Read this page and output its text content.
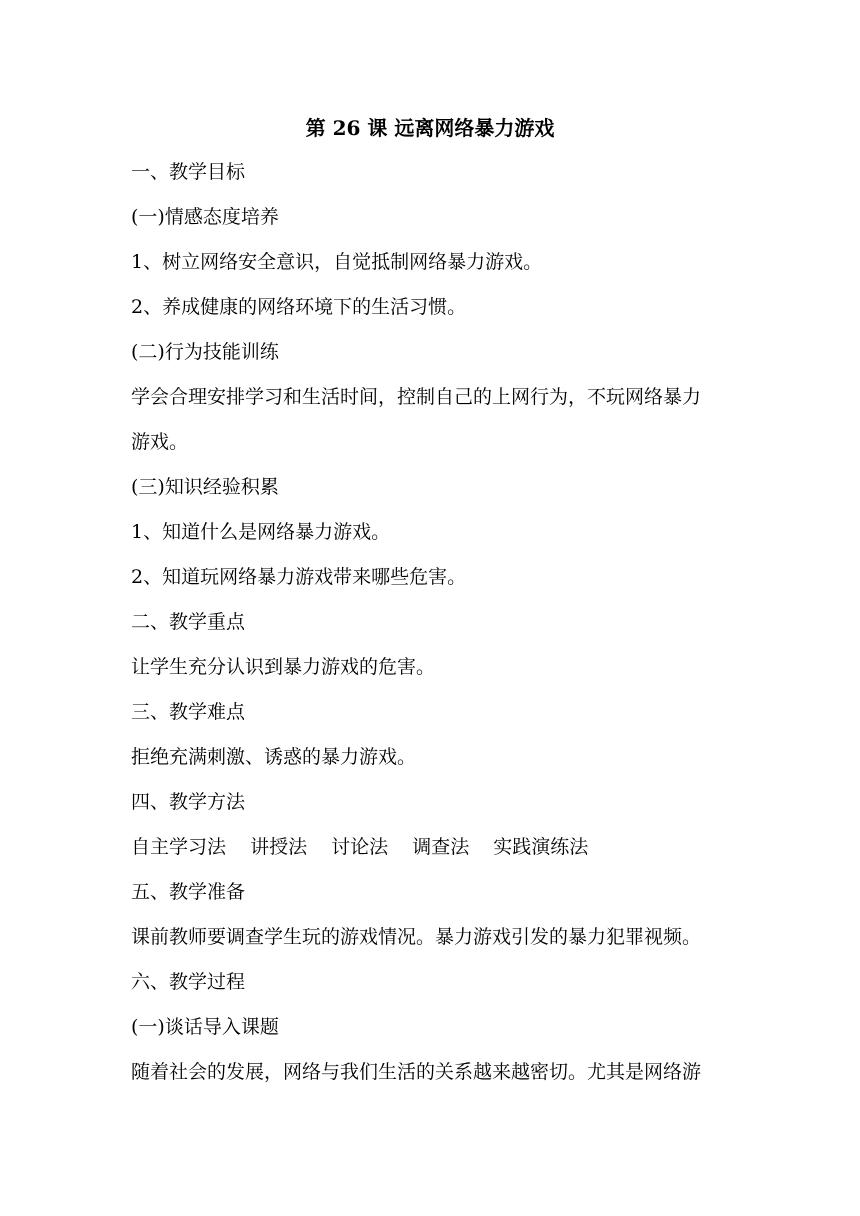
第 26 课 远离网络暴力游戏
一、教学目标
(一)情感态度培养
1、树立网络安全意识，自觉抵制网络暴力游戏。
2、养成健康的网络环境下的生活习惯。
(二)行为技能训练
学会合理安排学习和生活时间，控制自己的上网行为，不玩网络暴力
游戏。
(三)知识经验积累
1、知道什么是网络暴力游戏。
2、知道玩网络暴力游戏带来哪些危害。
二、教学重点
让学生充分认识到暴力游戏的危害。
三、教学难点
拒绝充满刺激、诱惑的暴力游戏。
四、教学方法
自主学习法 讲授法 讨论法 调查法 实践演练法
五、教学准备
课前教师要调查学生玩的游戏情况。暴力游戏引发的暴力犯罪视频。
六、教学过程
(一)谈话导入课题
随着社会的发展，网络与我们生活的关系越来越密切。尤其是网络游
